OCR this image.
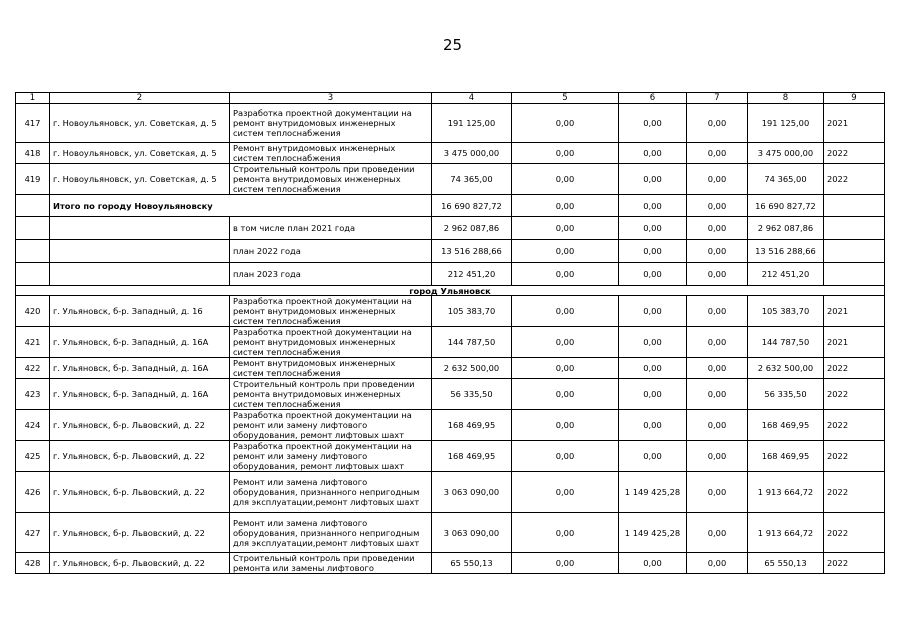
25
1	2	3	4	5	6	7	8	9
417	г. Новоульяновск, ул. Советская, д. 5	Разработка проектной документации на ремонт внутридомовых инженерных систем теплоснабжения	191 125,00	0,00	0,00	0,00	191 125,00	2021
418	г. Новоульяновск, ул. Советская, д. 5	Ремонт внутридомовых инженерных систем теплоснабжения	3 475 000,00	0,00	0,00	0,00	3 475 000,00	2022
419	г. Новоульяновск, ул. Советская, д. 5	Строительный контроль при проведении ремонта внутридомовых инженерных систем теплоснабжения	74 365,00	0,00	0,00	0,00	74 365,00	2022
	Итого по городу Новоульяновску		16 690 827,72	0,00	0,00	0,00	16 690 827,72	
		в том числе план 2021 года	2 962 087,86	0,00	0,00	0,00	2 962 087,86	
		план 2022 года	13 516 288,66	0,00	0,00	0,00	13 516 288,66	
		план 2023 года	212 451,20	0,00	0,00	0,00	212 451,20	
город Ульяновск								
420	г. Ульяновск, б-р. Западный, д. 16	Разработка проектной документации на ремонт внутридомовых инженерных систем теплоснабжения	105 383,70	0,00	0,00	0,00	105 383,70	2021
421	г. Ульяновск, б-р. Западный, д. 16А	Разработка проектной документации на ремонт внутридомовых инженерных систем теплоснабжения	144 787,50	0,00	0,00	0,00	144 787,50	2021
422	г. Ульяновск, б-р. Западный, д. 16А	Ремонт внутридомовых инженерных систем теплоснабжения	2 632 500,00	0,00	0,00	0,00	2 632 500,00	2022
423	г. Ульяновск, б-р. Западный, д. 16А	Строительный контроль при проведении ремонта внутридомовых инженерных систем теплоснабжения	56 335,50	0,00	0,00	0,00	56 335,50	2022
424	г. Ульяновск, б-р. Львовский, д. 22	Разработка проектной документации на ремонт или замену лифтового оборудования, ремонт лифтовых шахт	168 469,95	0,00	0,00	0,00	168 469,95	2022
425	г. Ульяновск, б-р. Львовский, д. 22	Разработка проектной документации на ремонт или замену лифтового оборудования, ремонт лифтовых шахт	168 469,95	0,00	0,00	0,00	168 469,95	2022
426	г. Ульяновск, б-р. Львовский, д. 22	Ремонт или замена лифтового оборудования, признанного непригодным для эксплуатации,ремонт лифтовых шахт	3 063 090,00	0,00	1 149 425,28	0,00	1 913 664,72	2022
427	г. Ульяновск, б-р. Львовский, д. 22	Ремонт или замена лифтового оборудования, признанного непригодным для эксплуатации,ремонт лифтовых шахт	3 063 090,00	0,00	1 149 425,28	0,00	1 913 664,72	2022
428	г. Ульяновск, б-р. Львовский, д. 22	Строительный контроль при проведении ремонта или замены лифтового	65 550,13	0,00	0,00	0,00	65 550,13	2022
